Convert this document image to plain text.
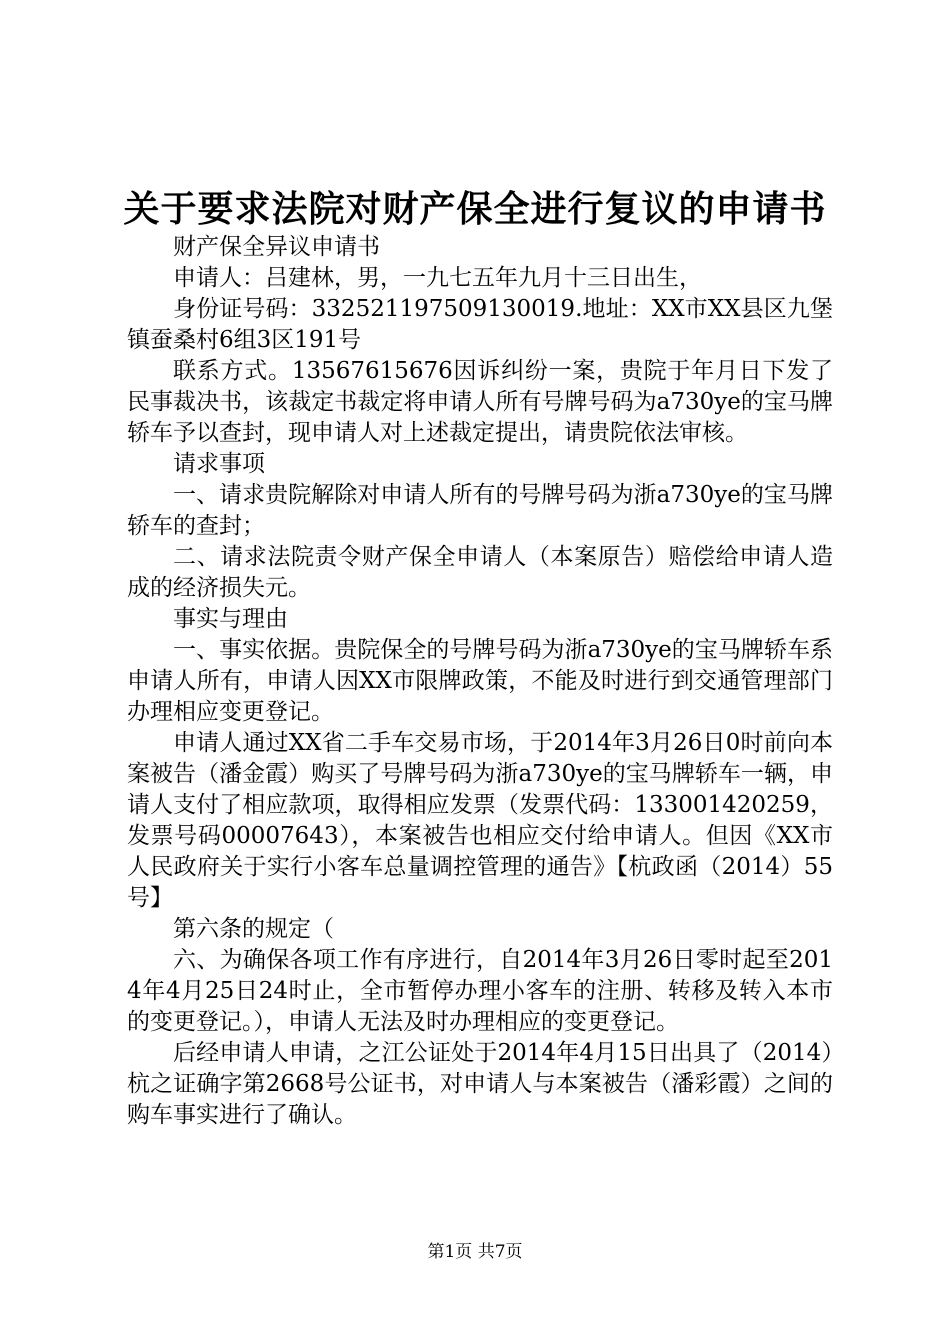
关于要求法院对财产保全进行复议的申请书

财产保全异议申请书

申请人：吕建林，男，一九七五年九月十三日出生，

身份证号码：332521197509130019.地址：XX市XX县区九堡镇蚕桑村6组3区191号

联系方式。13567615676因诉纠纷一案，贵院于年月日下发了民事裁决书，该裁定书裁定将申请人所有号牌号码为a730ye的宝马牌轿车予以查封，现申请人对上述裁定提出，请贵院依法审核。

请求事项

一、请求贵院解除对申请人所有的号牌号码为浙a730ye的宝马牌轿车的查封；

二、请求法院责令财产保全申请人（本案原告）赔偿给申请人造成的经济损失元。

事实与理由

一、事实依据。贵院保全的号牌号码为浙a730ye的宝马牌轿车系申请人所有，申请人因XX市限牌政策，不能及时进行到交通管理部门办理相应变更登记。

申请人通过XX省二手车交易市场，于2014年3月26日0时前向本案被告（潘金霞）购买了号牌号码为浙a730ye的宝马牌轿车一辆，申请人支付了相应款项，取得相应发票（发票代码：133001420259，发票号码00007643），本案被告也相应交付给申请人。但因《XX市人民政府关于实行小客车总量调控管理的通告》【杭政函（2014）55号】

第六条的规定（

六、为确保各项工作有序进行，自2014年3月26日零时起至2014年4月25日24时止，全市暂停办理小客车的注册、转移及转入本市的变更登记。），申请人无法及时办理相应的变更登记。

后经申请人申请，之江公证处于2014年4月15日出具了（2014）杭之证确字第2668号公证书，对申请人与本案被告（潘彩霞）之间的购车事实进行了确认。

第1页 共7页
